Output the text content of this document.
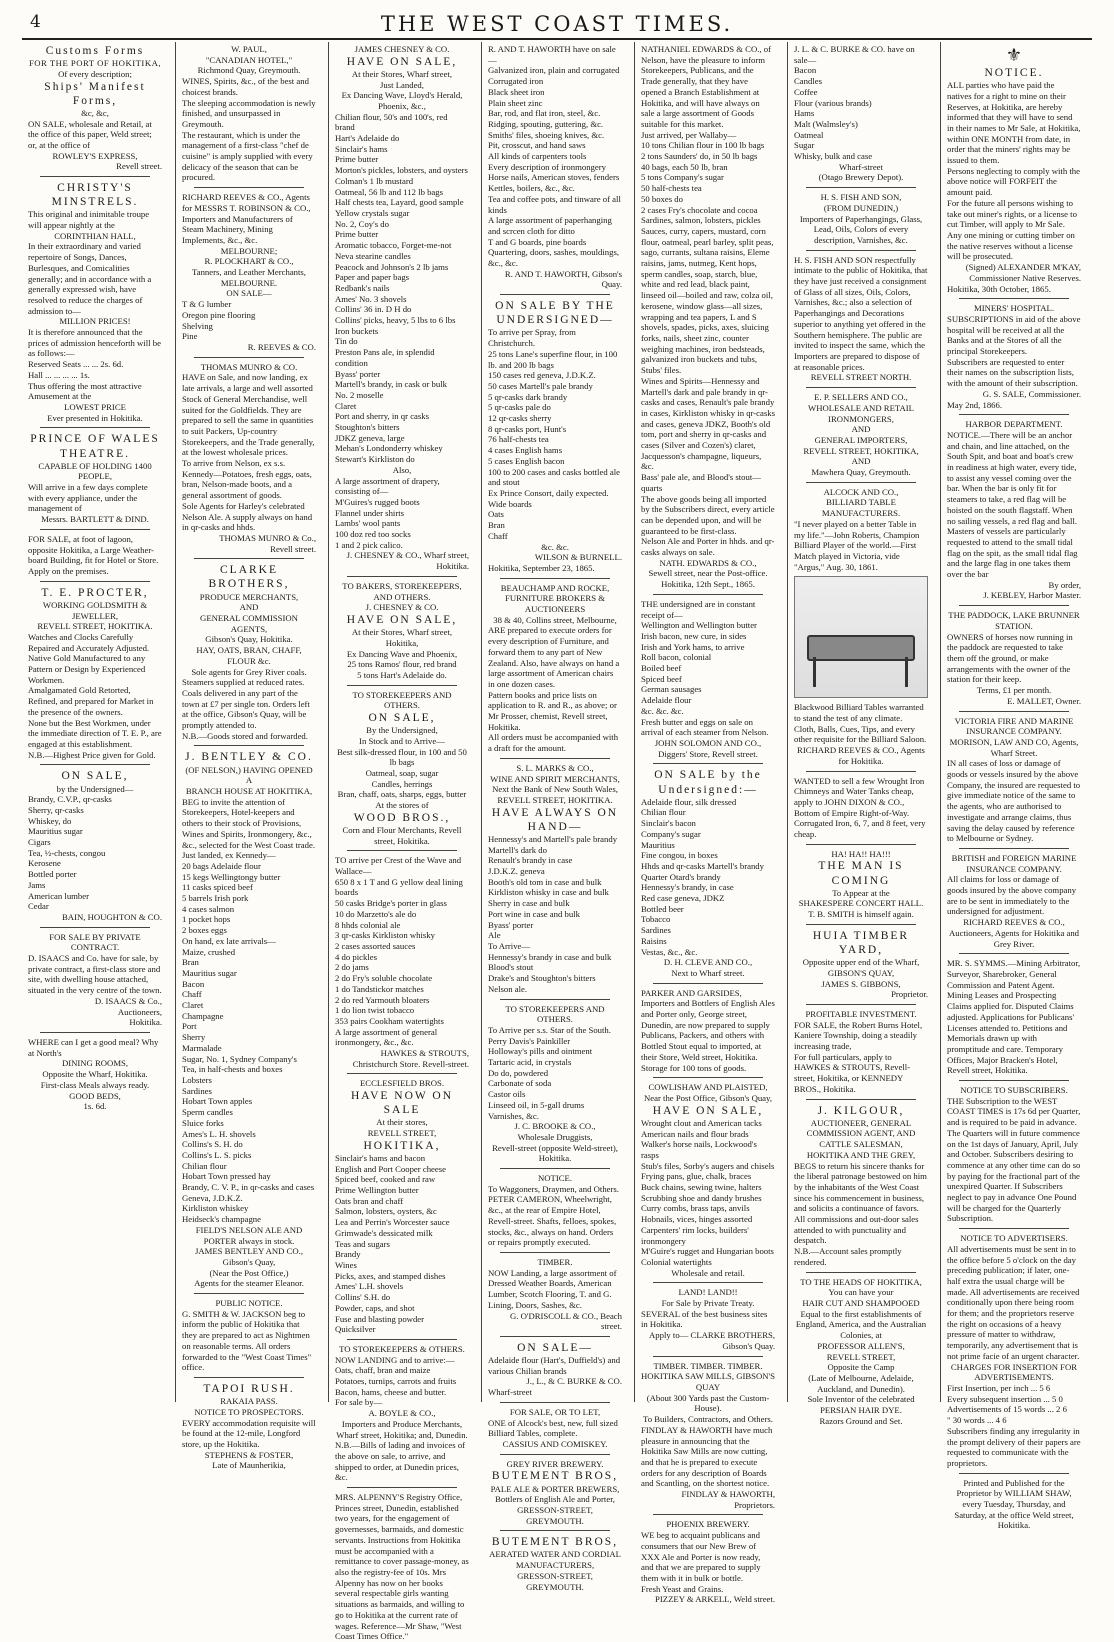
4	THE WEST COAST TIMES.

Customs Forms

FOR THE PORT OF HOKITIKA,

Of every description;

Ships' Manifest Forms,

&c, &c,

ON SALE, wholesale and Retail, at the office of this paper, Weld street; or, at the office of

ROWLEY'S EXPRESS,

Revell street.

CHRISTY'S MINSTRELS.

This original and inimitable troupe will appear nightly at the

CORINTHIAN HALL,

In their extraordinary and varied repertoire of Songs, Dances, Burlesques, and Comicalities generally; and in accordance with a generally expressed wish, have resolved to reduce the charges of admission to—

MILLION PRICES!

It is therefore announced that the prices of admission henceforth will be as follows:—

Reserved Seats ... ... 2s. 6d.

Hall ... ... ... ... 1s.

Thus offering the most attractive Amusement at the

LOWEST PRICE

Ever presented in Hokitika.

PRINCE OF WALES THEATRE.

CAPABLE OF HOLDING 1400 PEOPLE,

Will arrive in a few days complete with every appliance, under the management of

Messrs. BARTLETT & DIND.

FOR SALE, at foot of lagoon, opposite Hokitika, a Large Weather-board Building, fit for Hotel or Store. Apply on the premises.

T. E. PROCTER,

WORKING GOLDSMITH & JEWELLER,

REVELL STREET, HOKITIKA.

Watches and Clocks Carefully Repaired and Accurately Adjusted.

Native Gold Manufactured to any Pattern or Design by Experienced Workmen.

Amalgamated Gold Retorted, Refined, and prepared for Market in the presence of the owners.

None but the Best Workmen, under the immediate direction of T. E. P., are engaged at this establishment.

N.B.—Highest Price given for Gold.

ON SALE,

by the Undersigned—

Brandy, C.V.P., qr-casks

Sherry, qr-casks

Whiskey, do

Mauritius sugar

Cigars

Tea, ½-chests, congou

Kerosene

Bottled porter

Jams

American lumber

Cedar

BAIN, HOUGHTON & CO.

FOR SALE BY PRIVATE CONTRACT.

D. ISAACS and Co. have for sale, by private contract, a first-class store and site, with dwelling house attached, situated in the very centre of the town.

D. ISAACS & Co.,

Auctioneers,

Hokitika.

WHERE can I get a good meal? Why at North's

DINING ROOMS,

Opposite the Wharf, Hokitika.

First-class Meals always ready.

GOOD BEDS,

1s. 6d.

W. PAUL,

"CANADIAN HOTEL,"

Richmond Quay, Greymouth.

WINES, Spirits, &c., of the best and choicest brands.

The sleeping accommodation is newly finished, and unsurpassed in Greymouth.

The restaurant, which is under the management of a first-class "chef de cuisine" is amply supplied with every delicacy of the season that can be procured.

RICHARD REEVES & CO., Agents for MESSRS T. ROBINSON & CO., Importers and Manufacturers of Steam Machinery, Mining Implements, &c., &c.

MELBOURNE;

R. PLOCKHART & CO.,

Tanners, and Leather Merchants, MELBOURNE.

ON SALE—

T & G lumber

Oregon pine flooring

Shelving

Pine

R. REEVES & CO.

THOMAS MUNRO & CO.

HAVE on Sale, and now landing, ex late arrivals, a large and well assorted Stock of General Merchandise, well suited for the Goldfields. They are prepared to sell the same in quantities to suit Packers, Up-country Storekeepers, and the Trade generally, at the lowest wholesale prices.

To arrive from Nelson, ex s.s. Kennedy—Potatoes, fresh eggs, oats, bran, Nelson-made boots, and a general assortment of goods.

Sole Agents for Harley's celebrated Nelson Ale. A supply always on hand in qr-casks and hhds.

THOMAS MUNRO & Co.,

Revell street.

CLARKE BROTHERS,

PRODUCE MERCHANTS,

AND

GENERAL COMMISSION AGENTS,

Gibson's Quay, Hokitika.

HAY, OATS, BRAN, CHAFF, FLOUR &c.

Sole agents for Grey River coals.

Steamers supplied at reduced rates. Coals delivered in any part of the town at £7 per single ton. Orders left at the office, Gibson's Quay, will be promptly attended to.

N.B.—Goods stored and forwarded.

J. BENTLEY & CO.

(OF NELSON,) HAVING OPENED A

BRANCH HOUSE AT HOKITIKA,

BEG to invite the attention of Storekeepers, Hotel-keepers and others to their stock of Provisions, Wines and Spirits, Ironmongery, &c., &c., selected for the West Coast trade.

Just landed, ex Kennedy—

20 bags Adelaide flour

15 kegs Wellingtongy butter

11 casks spiced beef

5 barrels Irish pork

4 cases salmon

1 pocket hops

2 boxes eggs

On hand, ex late arrivals—

Maize, crushed

Bran

Mauritius sugar

Bacon

Chaff

Claret

Champagne

Port

Sherry

Marmalade

Sugar, No. 1, Sydney Company's

Tea, in half-chests and boxes

Lobsters

Sardines

Hobart Town apples

Sperm candles

Sluice forks

Ames's L. H. shovels

Collins's S. H. do

Collins's L. S. picks

Chilian flour

Hobart Town pressed hay

Brandy, C. V. P., in qr-casks and cases

Geneva, J.D.K.Z.

Kirkliston whiskey

Heidseck's champagne

FIELD'S NELSON ALE AND PORTER always in stock.

JAMES BENTLEY AND CO.,

Gibson's Quay,

(Near the Post Office,)

Agents for the steamer Eleanor.

PUBLIC NOTICE.

G. SMITH & W. JACKSON beg to inform the public of Hokitika that they are prepared to act as Nightmen on reasonable terms. All orders forwarded to the "West Coast Times" office.

TAPOI RUSH.

RAKAIA PASS.

NOTICE TO PROSPECTORS.

EVERY accommodation requisite will be found at the 12-mile, Longford store, up the Hokitika.

STEPHENS & FOSTER,

Late of Maunherikia,

JAMES CHESNEY & CO.

HAVE ON SALE,

At their Stores, Wharf street,

Just Landed,

Ex Dancing Wave, Lloyd's Herald, Phoenix, &c.,

Chilian flour, 50's and 100's, red brand

Hart's Adelaide do

Sinclair's hams

Prime butter

Morton's pickles, lobsters, and oysters

Colman's 1 lb mustard

Oatmeal, 56 lb and 112 lb bags

Half chests tea, Layard, good sample

Yellow crystals sugar

No. 2, Coy's do

Prime butter

Aromatic tobacco, Forget-me-not

Neva stearine candles

Peacock and Johnson's 2 lb jams

Paper and paper bags

Redbank's nails

Ames' No. 3 shovels

Collins' 36 in. D H do

Collins' picks, heavy, 5 lbs to 6 lbs

Iron buckets

Tin do

Preston Pans ale, in splendid condition

Byass' porter

Martell's brandy, in cask or bulk

No. 2 moselle

Claret

Port and sherry, in qr casks

Stoughton's bitters

JDKZ geneva, large

Mehan's Londonderry whiskey

Stewart's Kirkliston do

Also,

A large assortment of drapery, consisting of—

M'Guires's rugged boots

Flannel under shirts

Lambs' wool pants

100 doz red too socks

1 and 2 pick calico.

J. CHESNEY & CO., Wharf street, Hokitika.

TO BAKERS, STOREKEEPERS, AND OTHERS.

J. CHESNEY & CO.

HAVE ON SALE,

At their Stores, Wharf street, Hokitika,

Ex Dancing Wave and Phoenix,

25 tons Ramos' flour, red brand

5 tons Hart's Adelaide do.

TO STOREKEEPERS AND OTHERS.

ON SALE,

By the Undersigned,

In Stock and to Arrive—

Best silk-dressed flour, in 100 and 50 lb bags

Oatmeal, soap, sugar

Candles, herrings

Bran, chaff, oats, sharps, eggs, butter

At the stores of

WOOD BROS.,

Corn and Flour Merchants, Revell street, Hokitika.

TO arrive per Crest of the Wave and Wallace—

650 8 x 1 T and G yellow deal lining boards

50 casks Bridge's porter in glass

10 do Marzetto's ale do

8 hhds colonial ale

3 qr-casks Kirkliston whisky

2 cases assorted sauces

4 do pickles

2 do jams

2 do Fry's soluble chocolate

1 do Tandstickor matches

2 do red Yarmouth bloaters

1 do lion twist tobacco

353 pairs Cookham watertights

A large assortment of general ironmongery, &c., &c.

HAWKES & STROUTS, Christchurch Store. Revell-street.

ECCLESFIELD BROS.

HAVE NOW ON SALE

At their stores,

REVELL STREET,

HOKITIKA,

Sinclair's hams and bacon

English and Port Cooper cheese

Spiced beef, cooked and raw

Prime Wellington butter

Oats bran and chaff

Salmon, lobsters, oysters, &c

Lea and Perrin's Worcester sauce

Grimwade's dessicated milk

Teas and sugars

Brandy

Wines

Picks, axes, and stamped dishes

Ames' L.H. shovels

Collins' S.H. do

Powder, caps, and shot

Fuse and blasting powder

Quicksilver

TO STOREKEEPERS & OTHERS.

NOW LANDING and to arrive:—

Oats, chaff, bran and maize

Potatoes, turnips, carrots and fruits

Bacon, hams, cheese and butter.

For sale by—

A. BOYLE & CO.,

Importers and Produce Merchants, Wharf street, Hokitika; and, Dunedin.

N.B.—Bills of lading and invoices of the above on sale, to arrive, and shipped to order, at Dunedin prices, &c.

MRS. ALPENNY'S Registry Office, Princes street, Dunedin, established two years, for the engagement of governesses, barmaids, and domestic servants. Instructions from Hokitika must be accompanied with a remittance to cover passage-money, as also the registry-fee of 10s. Mrs Alpenny has now on her books several respectable girls wanting situations as barmaids, and willing to go to Hokitika at the current rate of wages. Reference—Mr Shaw, "West Coast Times Office."

R. AND T. HAWORTH have on sale—

Galvanized iron, plain and corrugated

Corrugated iron

Black sheet iron

Plain sheet zinc

Bar, rod, and flat iron, steel, &c.

Ridging, spouting, guttering, &c.

Smiths' files, shoeing knives, &c.

Pit, crosscut, and hand saws

All kinds of carpenters tools

Every description of ironmongery

Horse nails, American stoves, fenders

Kettles, boilers, &c., &c.

Tea and coffee pots, and tinware of all kinds

A large assortment of paperhanging and scrcen cloth for ditto

T and G boards, pine boards

Quartering, doors, sashes, mouldings, &c., &c.

R. AND T. HAWORTH, Gibson's Quay.

ON SALE BY THE UNDERSIGNED—

To arrive per Spray, from Christchurch.

25 tons Lane's superfine flour, in 100 lb. and 200 lb bags

150 cases red geneva, J.D.K.Z.

50 cases Martell's pale brandy

5 qr-casks dark brandy

5 qr-casks pale do

12 qr-casks sherry

8 qr-casks port, Hunt's

76 half-chests tea

4 cases English hams

5 cases English bacon

100 to 200 cases and casks bottled ale and stout

Ex Prince Consort, daily expected.

Wide boards

Oats

Bran

Chaff

&c. &c.

WILSON & BURNELL.

Hokitika, September 23, 1865.

BEAUCHAMP AND ROCKE,

FURNITURE BROKERS & AUCTIONEERS

38 & 40, Collins street, Melbourne,

ARE prepared to execute orders for every description of Furniture, and forward them to any part of New Zealand. Also, have always on hand a large assortment of American chairs in one dozen cases.

Pattern books and price lists on application to R. and R., as above; or Mr Prosser, chemist, Revell street, Hokitika.

All orders must be accompanied with a draft for the amount.

S. L. MARKS & CO.,

WINE AND SPIRIT MERCHANTS,

Next the Bank of New South Wales,

REVELL STREET, HOKITIKA.

HAVE ALWAYS ON HAND—

Hennessy's and Martell's pale brandy

Martell's dark do

Renault's brandy in case

J.D.K.Z. geneva

Booth's old tom in case and bulk

Kirkliston whisky in case and bulk

Sherry in case and bulk

Port wine in case and bulk

Byass' porter

Ale

To Arrive—

Hennessy's brandy in case and bulk

Blood's stout

Drake's and Stoughton's bitters

Nelson ale.

TO STOREKEEPERS AND OTHERS.

To Arrive per s.s. Star of the South.

Perry Davis's Painkiller

Holloway's pills and ointment

Tartaric acid, in crystals

Do do, powdered

Carbonate of soda

Castor oils

Linseed oil, in 5-gall drums

Varnishes, &c.

J. C. BROOKE & CO.,

Wholesale Druggists,

Revell-street (opposite Weld-street), Hokitika.

NOTICE.

To Waggoners, Draymen, and Others.

PETER CAMERON, Wheelwright, &c., at the rear of Empire Hotel, Revell-street. Shafts, felloes, spokes, stocks, &c., always on hand. Orders or repairs promptly executed.

TIMBER.

NOW Landing, a large assortment of Dressed Weather Boards, American Lumber, Scotch Flooring, T. and G. Lining, Doors, Sashes, &c.

G. O'DRISCOLL & CO., Beach street.

ON SALE—

Adelaide flour (Hart's, Duffield's) and various Chilian brands

J., L., & C. BURKE & CO.

Wharf-street

FOR SALE, OR TO LET,

ONE of Alcock's best, new, full sized Billiard Tables, complete.

CASSIUS AND COMISKEY.

GREY RIVER BREWERY.

BUTEMENT BROS,

PALE ALE & PORTER BREWERS,

Bottlers of English Ale and Porter,

GRESSON-STREET, GREYMOUTH.

BUTEMENT BROS,

AERATED WATER AND CORDIAL MANUFACTURERS,

GRESSON-STREET, GREYMOUTH.

NATHANIEL EDWARDS & CO., of Nelson, have the pleasure to inform Storekeepers, Publicans, and the Trade generally, that they have opened a Branch Establishment at Hokitika, and will have always on sale a large assortment of Goods suitable for this market.

Just arrived, per Wallaby—

10 tons Chilian flour in 100 lb bags

2 tons Saunders' do, in 50 lb bags

40 bags, each 50 lb, bran

5 tons Company's sugar

50 half-chests tea

50 boxes do

2 cases Fry's chocolate and cocoa

Sardines, salmon, lobsters, pickles

Sauces, curry, capers, mustard, corn flour, oatmeal, pearl barley, split peas, sago, currants, sultana raisins, Eleme raisins, jams, nutmeg, Kent hops, sperm candles, soap, starch, blue, white and red lead, black paint, linseed oil—boiled and raw, colza oil, kerosene, window glass—all sizes, wrapping and tea papers, L and S shovels, spades, picks, axes, sluicing forks, nails, sheet zinc, counter weighing machines, iron bedsteads, galvanized iron buckets and tubs, Stubs' files.

Wines and Spirits—Hennessy and Martell's dark and pale brandy in qr-casks and cases, Renault's pale brandy in cases, Kirkliston whisky in qr-casks and cases, geneva JDKZ, Booth's old tom, port and sherry in qr-casks and cases (Silver and Cozen's) claret, Jacquesson's champagne, liqueurs, &c.

Bass' pale ale, and Blood's stout—quarts

The above goods being all imported by the Subscribers direct, every article can be depended upon, and will be guaranteed to be first-class.

Nelson Ale and Porter in hhds. and qr-casks always on sale.

NATH. EDWARDS & CO.,

Sewell street, near the Post-office.

Hokitika, 12th Sept., 1865.

THE undersigned are in constant receipt of—

Wellington and Wellington butter

Irish bacon, new cure, in sides

Irish and York hams, to arrive

Roll bacon, colonial

Boiled beef

Spiced beef

German sausages

Adelaide flour

&c. &c. &c.

Fresh butter and eggs on sale on arrival of each steamer from Nelson.

JOHN SOLOMON AND CO.,

Diggers' Store, Revell street.

ON SALE by the Undersigned:—

Adelaide flour, silk dressed

Chilian flour

Sinclair's bacon

Company's sugar

Mauritius

Fine congou, in boxes

Hhds and qr-casks Martell's brandy

Quarter Otard's brandy

Hennessy's brandy, in case

Red case geneva, JDKZ

Bottled beer

Tobacco

Sardines

Raisins

Vestas, &c., &c.

D. H. CLEVE AND CO.,

Next to Wharf street.

PARKER AND GARSIDES, Importers and Bottlers of English Ales and Porter only, George street, Dunedin, are now prepared to supply Publicans, Packers, and others with Bottled Stout equal to imported, at their Store, Weld street, Hokitika.

Storage for 100 tons of goods.

COWLISHAW AND PLAISTED,

Near the Post Office, Gibson's Quay,

HAVE ON SALE,

Wrought clout and American tacks

American nails and flour brads

Walker's horse nails, Lockwood's rasps

Stub's files, Sorby's augers and chisels

Frying pans, glue, chalk, braces

Buck chains, sewing twine, halters

Scrubbing shoe and dandy brushes

Curry combs, brass taps, anvils

Hobnails, vices, hinges assorted

Carpenters' rim locks, builders' ironmongery

M'Guire's rugget and Hungarian boots

Colonial watertights

Wholesale and retail.

LAND! LAND!!

For Sale by Private Treaty.

SEVERAL of the best business sites in Hokitika.

Apply to— CLARKE BROTHERS, Gibson's Quay.

TIMBER. TIMBER. TIMBER.

HOKITIKA SAW MILLS, GIBSON'S QUAY

(About 300 Yards past the Custom-House).

To Builders, Contractors, and Others.

FINDLAY & HAWORTH have much pleasure in announcing that the Hokitika Saw Mills are now cutting, and that he is prepared to execute orders for any description of Boards and Scantling, on the shortest notice.

FINDLAY & HAWORTH, Proprietors.

PHOENIX BREWERY.

WE beg to acquaint publicans and consumers that our New Brew of XXX Ale and Porter is now ready, and that we are prepared to supply them with it in bulk or bottle.

Fresh Yeast and Grains.

PIZZEY & ARKELL, Weld street.

J. L. & C. BURKE & CO. have on sale—

Bacon

Candles

Coffee

Flour (various brands)

Hams

Malt (Walmsley's)

Oatmeal

Sugar

Whisky, bulk and case

Wharf-street

(Otago Brewery Depot).

H. S. FISH AND SON,

(FROM DUNEDIN,)

Importers of Paperhangings, Glass, Lead, Oils, Colors of every description, Varnishes, &c.

H. S. FISH AND SON respectfully intimate to the public of Hokitika, that they have just received a consignment of Glass of all sizes, Oils, Colors, Varnishes, &c.; also a selection of Paperhangings and Decorations superior to anything yet offered in the Southern hemisphere. The public are invited to inspect the same, which the Importers are prepared to dispose of at reasonable prices.

REVELL STREET NORTH.

E. P. SELLERS AND CO.,

WHOLESALE AND RETAIL IRONMONGERS,

AND

GENERAL IMPORTERS,

REVELL STREET, HOKITIKA,

AND

Mawhera Quay, Greymouth.

ALCOCK AND CO.,

BILLIARD TABLE MANUFACTURERS.

"I never played on a better Table in my life."—John Roberts, Champion Billiard Player of the world.—First Match played in Victoria, vide "Argus," Aug. 30, 1861.

Blackwood Billiard Tables warranted to stand the test of any climate.

Cloth, Balls, Cues, Tips, and every other requisite for the Billiard Saloon.

RICHARD REEVES & CO., Agents for Hokitika.

WANTED to sell a few Wrought Iron Chimneys and Water Tanks cheap, apply to JOHN DIXON & CO., Bottom of Empire Right-of-Way.

Corrugated Iron, 6, 7, and 8 feet, very cheap.

HA! HA!! HA!!!

THE MAN IS COMING

To Appear at the

SHAKESPERE CONCERT HALL.

T. B. SMITH is himself again.

HUIA TIMBER YARD,

Opposite upper end of the Wharf,

GIBSON'S QUAY,

JAMES S. GIBBONS,

Proprietor.

PROFITABLE INVESTMENT.

FOR SALE, the Robert Burns Hotel, Kaniere Township, doing a steadily increasing trade,

For full particulars, apply to HAWKES & STROUTS, Revell-street, Hokitika, or KENNEDY BROS., Hokitika.

J. KILGOUR,

AUCTIONEER, GENERAL COMMISSION AGENT, AND CATTLE SALESMAN,

HOKITIKA AND THE GREY,

BEGS to return his sincere thanks for the liberal patronage bestowed on him by the inhabitants of the West Coast since his commencement in business, and solicits a continuance of favors.

All commissions and out-door sales attended to with punctuality and despatch.

N.B.—Account sales promptly rendered.

TO THE HEADS OF HOKITIKA,

You can have your

HAIR CUT AND SHAMPOOED

Equal to the first establishments of England, America, and the Australian Colonies, at

PROFESSOR ALLEN'S,

REVELL STREET,

Opposite the Camp

(Late of Melbourne, Adelaide, Auckland, and Dunedin).

Sole Inventor of the celebrated

PERSIAN HAIR DYE.

Razors Ground and Set.

⚜

NOTICE.

ALL parties who have paid the natives for a right to mine on their Reserves, at Hokitika, are hereby informed that they will have to send in their names to Mr Sale, at Hokitika, within ONE MONTH from date, in order that the miners' rights may be issued to them.

Persons neglecting to comply with the above notice will FORFEIT the amount paid.

For the future all persons wishing to take out miner's rights, or a license to cut Timber, will apply to Mr Sale. Any one mining or cutting timber on the native reserves without a license will be prosecuted.

(Signed) ALEXANDER M'KAY,

Commissioner Native Reserves.

Hokitika, 30th October, 1865.

MINERS' HOSPITAL.

SUBSCRIPTIONS in aid of the above hospital will be received at all the Banks and at the Stores of all the principal Storekeepers.

Subscribers are requested to enter their names on the subscription lists, with the amount of their subscription.

G. S. SALE, Commissioner.

May 2nd, 1866.

HARBOR DEPARTMENT.

NOTICE.—There will be an anchor and chain, and line attached, on the South Spit, and boat and boat's crew in readiness at high water, every tide, to assist any vessel coming over the bar. When the bar is only fit for steamers to take, a red flag will be hoisted on the south flagstaff. When no sailing vessels, a red flag and ball.

Masters of vessels are particularly requested to attend to the small tidal flag on the spit, as the small tidal flag and the large flag in one takes them over the bar

By order,

J. KEBLEY, Harbor Master.

THE PADDOCK, LAKE BRUNNER STATION.

OWNERS of horses now running in the paddock are requested to take them off the ground, or make arrangements with the owner of the station for their keep.

Terms, £1 per month.

E. MALLET, Owner.

VICTORIA FIRE AND MARINE INSURANCE COMPANY.

MORISON, LAW AND CO, Agents, Wharf Street.

IN all cases of loss or damage of goods or vessels insured by the above Company, the insured are requested to give immediate notice of the same to the agents, who are authorised to investigate and arrange claims, thus saving the delay caused by reference to Melbourne or Sydney.

BRITISH and FOREIGN MARINE INSURANCE COMPANY.

All claims for loss or damage of goods insured by the above company are to be sent in immediately to the undersigned for adjustment.

RICHARD REEVES & CO., Auctioneers, Agents for Hokitika and Grey River.

MR. S. SYMMS.—Mining Arbitrator, Surveyor, Sharebroker, General Commission and Patent Agent. Mining Leases and Prospecting Claims applied for. Disputed Claims adjusted. Applications for Publicans' Licenses attended to. Petitions and Memorials drawn up with promptitude and care. Temporary Offices, Major Bracken's Hotel, Revell street, Hokitika.

NOTICE TO SUBSCRIBERS.

THE Subscription to the WEST COAST TIMES is 17s 6d per Quarter, and is required to be paid in advance. The Quarters will in future commence on the 1st days of January, April, July and October. Subscribers desiring to commence at any other time can do so by paying for the fractional part of the unexpired Quarter. If Subscribers neglect to pay in advance One Pound will be charged for the Quarterly Subscription.

NOTICE TO ADVERTISERS.

All advertisements must be sent in to the office before 5 o'clock on the day preceding publication; if later, one-half extra the usual charge will be made. All advertisements are received conditionally upon there being room for them; and the proprietors reserve the right on occasions of a heavy pressure of matter to withdraw, temporarily, any advertisement that is not prime facie of an urgent character.

CHARGES FOR INSERTION FOR ADVERTISEMENTS.

First Insertion, per inch ... 5 6

Every subsequent insertion ... 5 0

Advertisements of 15 words ... 2 6

" 30 words ... 4 6

Subscribers finding any irregularity in the prompt delivery of their papers are requested to communicate with the proprietors.

Printed and Published for the Proprietor by WILLIAM SHAW, every Tuesday, Thursday, and Saturday, at the office Weld street, Hokitika.
